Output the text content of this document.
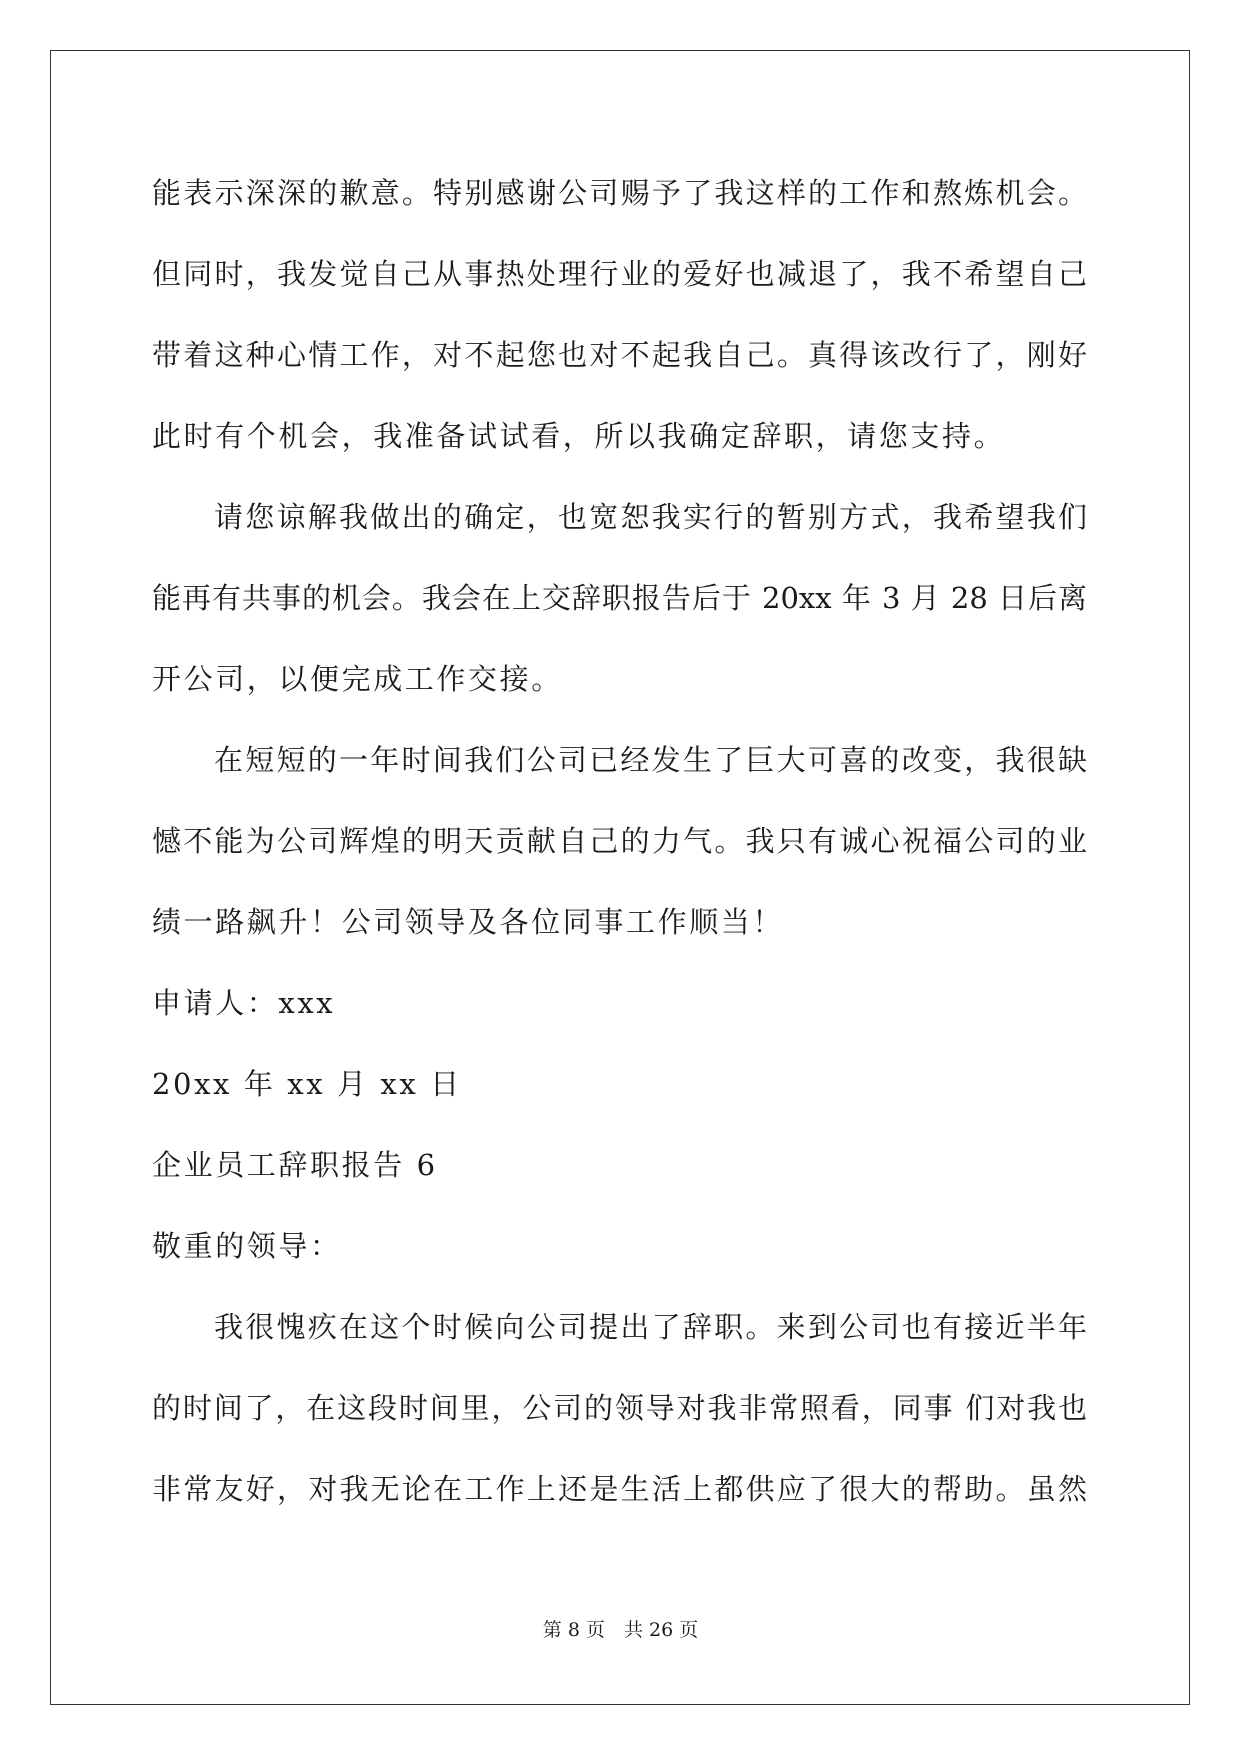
能表示深深的歉意。特别感谢公司赐予了我这样的工作和熬炼机会。
但同时，我发觉自己从事热处理行业的爱好也减退了，我不希望自己
带着这种心情工作，对不起您也对不起我自己。真得该改行了，刚好
此时有个机会，我准备试试看，所以我确定辞职，请您支持。
请您谅解我做出的确定，也宽恕我实行的暂别方式，我希望我们
能再有共事的机会。我会在上交辞职报告后于 20xx 年 3 月 28 日后离
开公司，以便完成工作交接。
在短短的一年时间我们公司已经发生了巨大可喜的改变，我很缺
憾不能为公司辉煌的明天贡献自己的力气。我只有诚心祝福公司的业
绩一路飙升！公司领导及各位同事工作顺当！
申请人：xxx
20xx 年 xx 月 xx 日
企业员工辞职报告 6
敬重的领导：
我很愧疚在这个时候向公司提出了辞职。来到公司也有接近半年
的时间了，在这段时间里，公司的领导对我非常照看，同事 们对我也
非常友好，对我无论在工作上还是生活上都供应了很大的帮助。虽然
第 8 页　共 26 页
